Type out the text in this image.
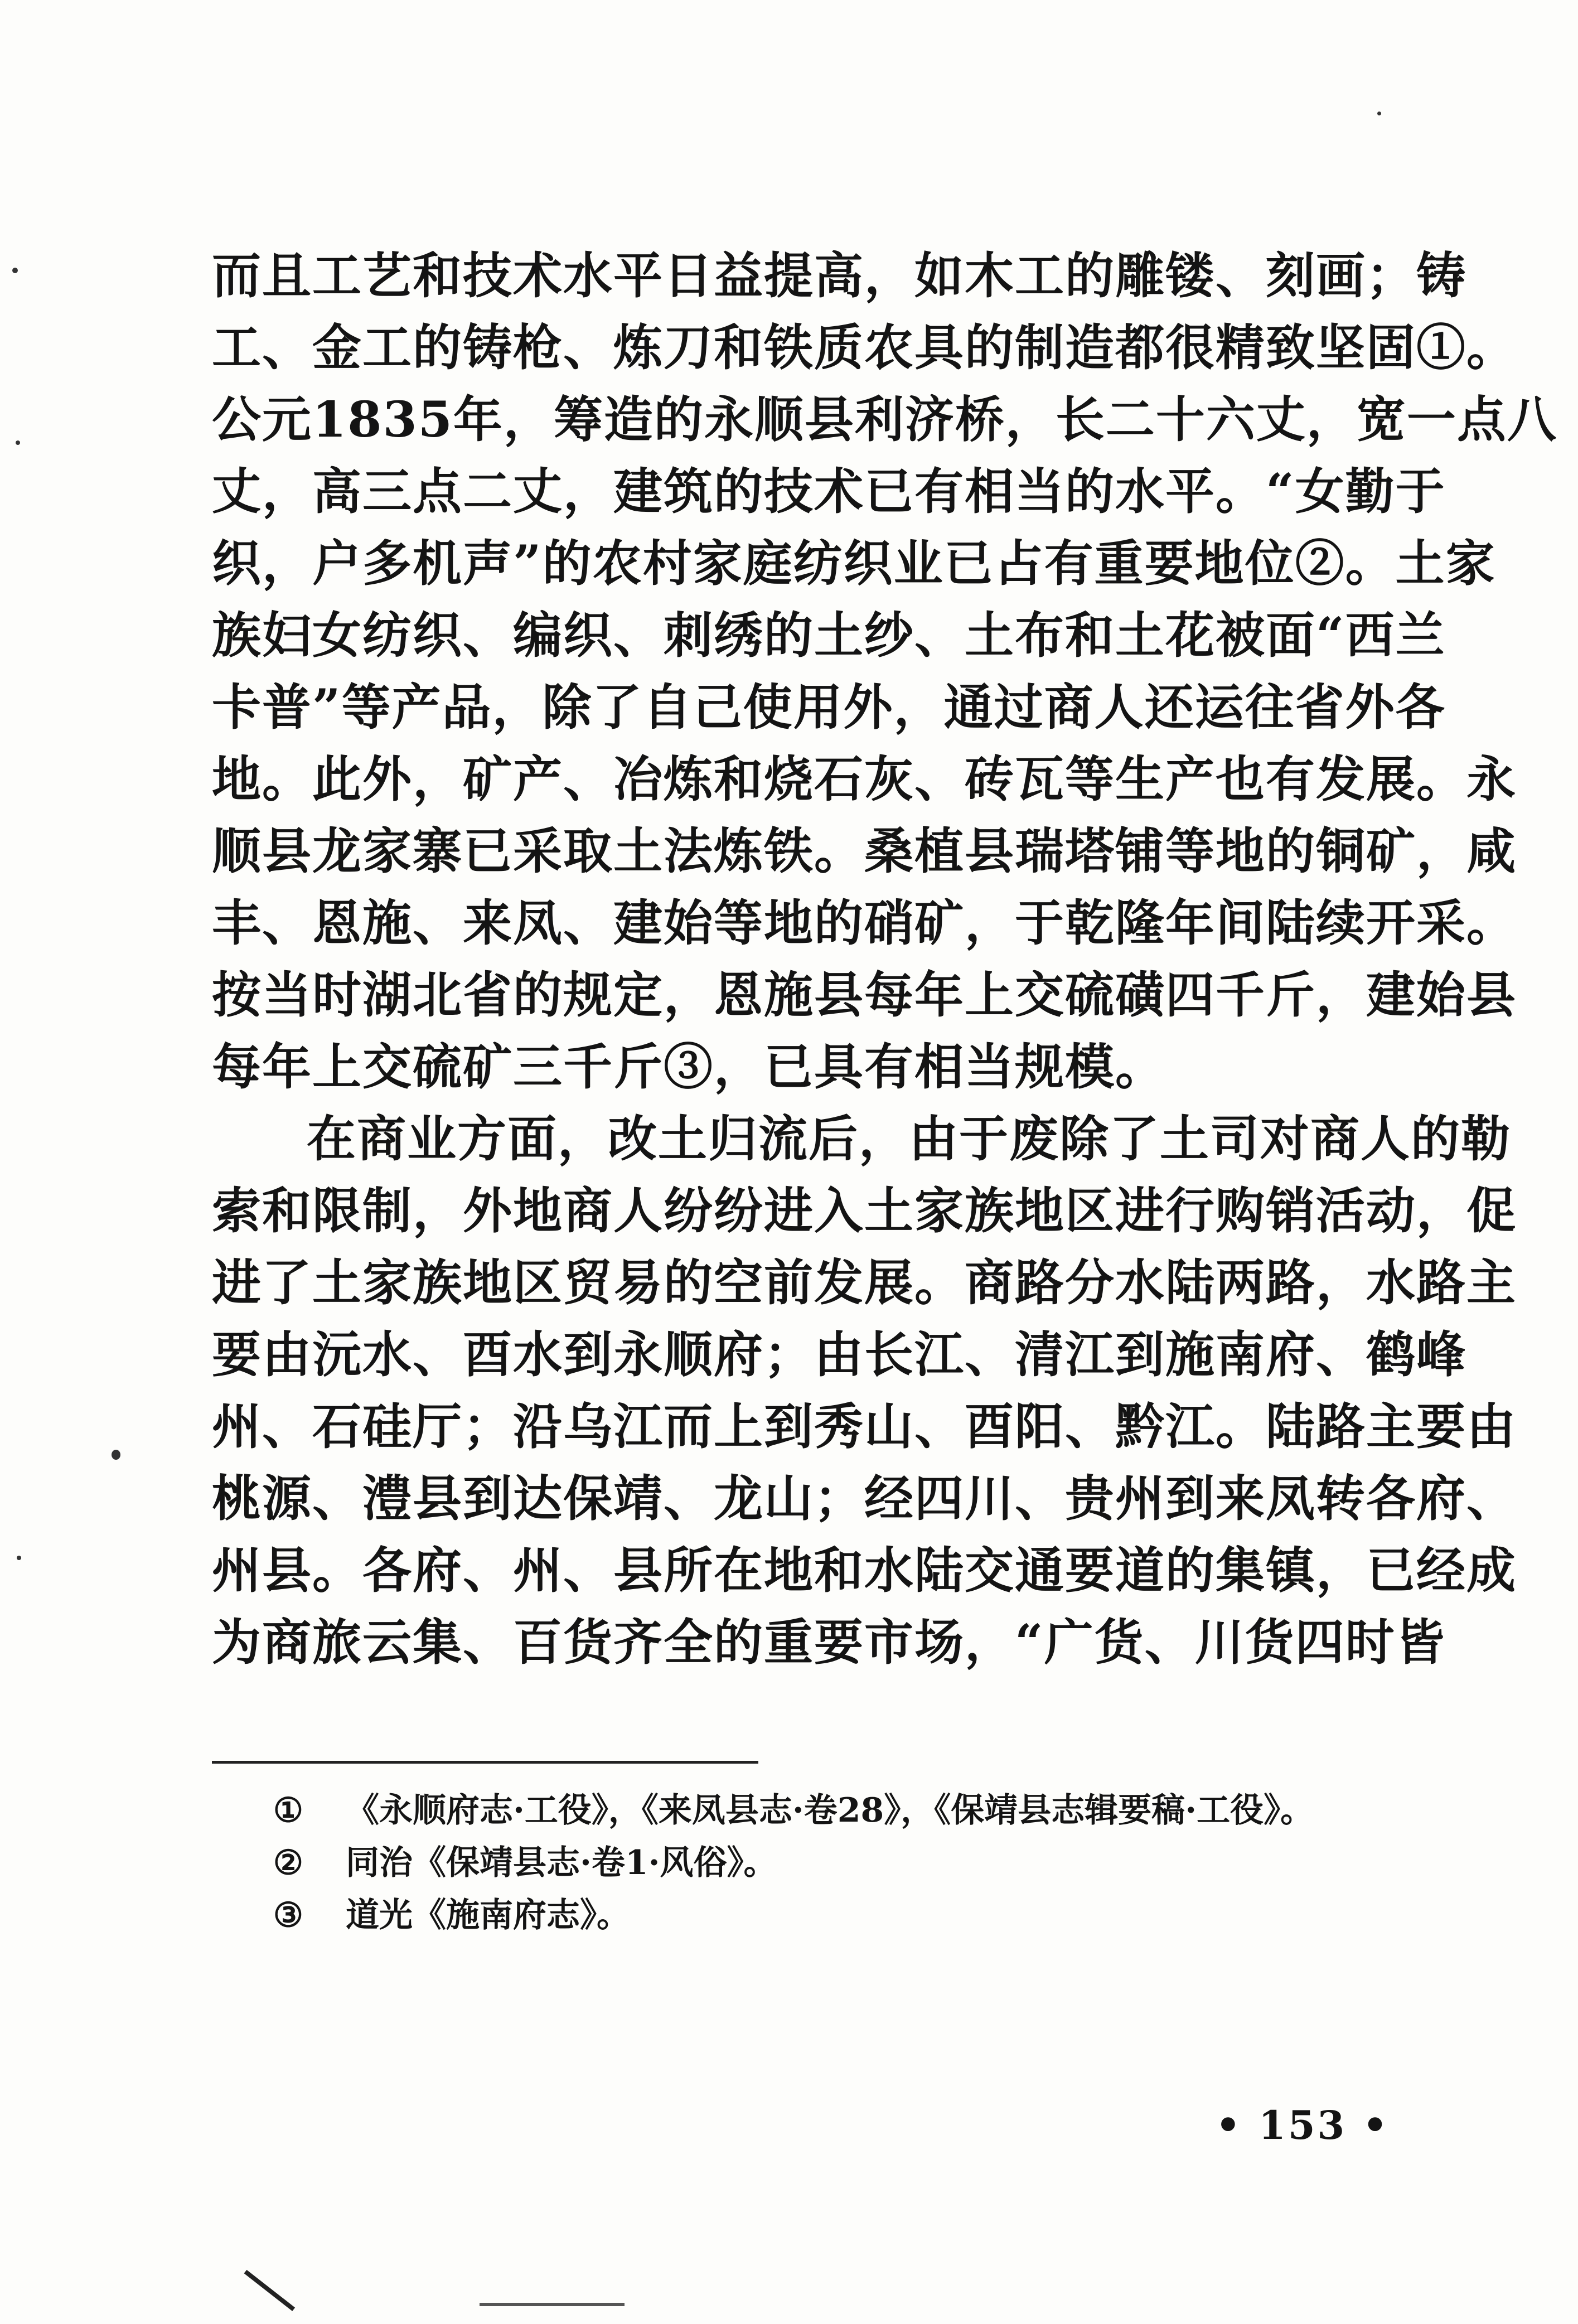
而且工艺和技术水平日益提高，如木工的雕镂、刻画；铸
工、金工的铸枪、炼刀和铁质农具的制造都很精致坚固①。
公元1835年，筹造的永顺县利济桥，长二十六丈，宽一点八
丈，高三点二丈，建筑的技术已有相当的水平。“女勤于
织，户多机声”的农村家庭纺织业已占有重要地位②。土家
族妇女纺织、编织、刺绣的土纱、土布和土花被面“西兰
卡普”等产品，除了自己使用外，通过商人还运往省外各
地。此外，矿产、冶炼和烧石灰、砖瓦等生产也有发展。永
顺县龙家寨已采取土法炼铁。桑植县瑞塔铺等地的铜矿，咸
丰、恩施、来凤、建始等地的硝矿，于乾隆年间陆续开采。
按当时湖北省的规定，恩施县每年上交硫磺四千斤，建始县
每年上交硫矿三千斤③，已具有相当规模。
在商业方面，改土归流后，由于废除了土司对商人的勒
索和限制，外地商人纷纷进入土家族地区进行购销活动，促
进了土家族地区贸易的空前发展。商路分水陆两路，水路主
要由沅水、酉水到永顺府；由长江、清江到施南府、鹤峰
州、石硅厅；沿乌江而上到秀山、酉阳、黔江。陆路主要由
桃源、澧县到达保靖、龙山；经四川、贵州到来凤转各府、
州县。各府、州、县所在地和水陆交通要道的集镇，已经成
为商旅云集、百货齐全的重要市场，“广货、川货四时皆
①	《永顺府志·工役》，《来凤县志·卷28》，《保靖县志辑要稿·工役》。
②	同治《保靖县志·卷1·风俗》。
③	道光《施南府志》。
• 153 •
